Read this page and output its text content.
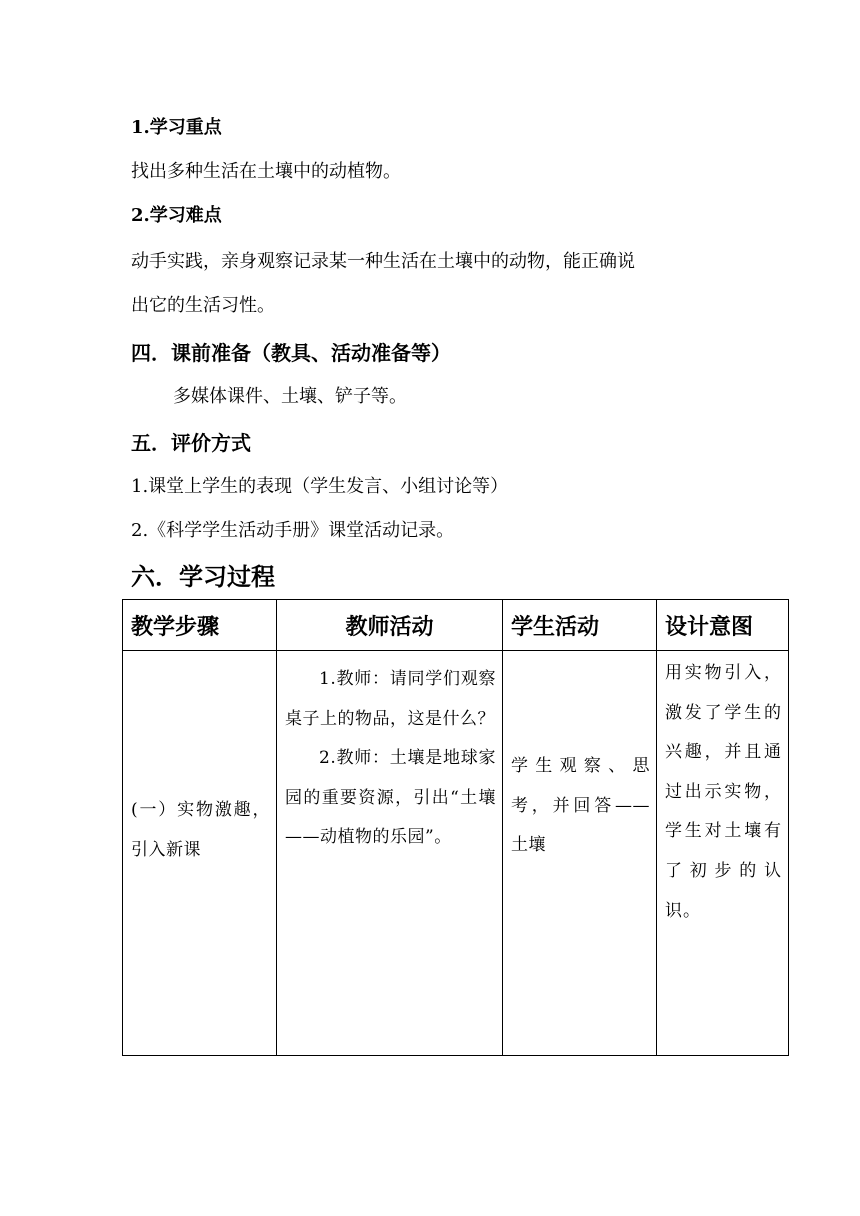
1.学习重点
找出多种生活在土壤中的动植物。
2.学习难点
动手实践，亲身观察记录某一种生活在土壤中的动物，能正确说
出它的生活习性。
四．课前准备（教具、活动准备等）
多媒体课件、土壤、铲子等。
五．评价方式
1.课堂上学生的表现（学生发言、小组讨论等）
2.《科学学生活动手册》课堂活动记录。
六．学习过程
教学步骤	教师活动	学生活动	设计意图

(一）实物激趣，引入新课	1.教师：请同学们观察桌子上的物品，这是什么？
2.教师：土壤是地球家园的重要资源，引出“土壤——动植物的乐园”。	学生观察、思考，并回答——土壤	用实物引入，激发了学生的兴趣，并且通过出示实物，学生对土壤有了初步的认识。
